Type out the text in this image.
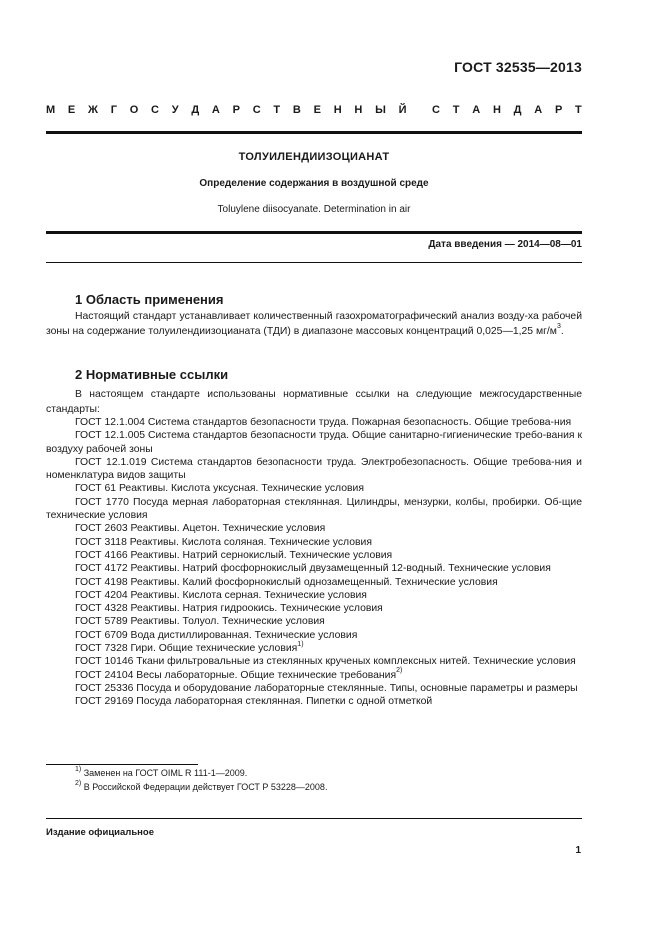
ГОСТ 32535—2013
М Е Ж Г О С У Д А Р С Т В Е Н Н Ы Й С Т А Н Д А Р Т
ТОЛУИЛЕНДИИЗОЦИАНАТ
Определение содержания в воздушной среде
Toluylene diisocyanate. Determination in air
Дата введения — 2014—08—01
1 Область применения
Настоящий стандарт устанавливает количественный газохроматографический анализ возду-ха рабочей зоны на содержание толуилендиизоцианата (ТДИ) в диапазоне массовых концентраций 0,025—1,25 $мг/м^3$.
2 Нормативные ссылки
В настоящем стандарте использованы нормативные ссылки на следующие межгосударственные стандарты:
ГОСТ 12.1.004 Система стандартов безопасности труда. Пожарная безопасность. Общие требова-ния
ГОСТ 12.1.005 Система стандартов безопасности труда. Общие санитарно-гигиенические требо-вания к воздуху рабочей зоны
ГОСТ 12.1.019 Система стандартов безопасности труда. Электробезопасность. Общие требова-ния и номенклатура видов защиты
ГОСТ 61 Реактивы. Кислота уксусная. Технические условия
ГОСТ 1770 Посуда мерная лабораторная стеклянная. Цилиндры, мензурки, колбы, пробирки. Об-щие технические условия
ГОСТ 2603 Реактивы. Ацетон. Технические условия
ГОСТ 3118 Реактивы. Кислота соляная. Технические условия
ГОСТ 4166 Реактивы. Натрий сернокислый. Технические условия
ГОСТ 4172 Реактивы. Натрий фосфорнокислый двузамещенный 12-водный. Технические условия
ГОСТ 4198 Реактивы. Калий фосфорнокислый однозамещенный. Технические условия
ГОСТ 4204 Реактивы. Кислота серная. Технические условия
ГОСТ 4328 Реактивы. Натрия гидроокись. Технические условия
ГОСТ 5789 Реактивы. Толуол. Технические условия
ГОСТ 6709 Вода дистиллированная. Технические условия
ГОСТ 7328 Гири. Общие технические условия$^{1)}$
ГОСТ 10146 Ткани фильтровальные из стеклянных крученых комплексных нитей. Технические условия
ГОСТ 24104 Весы лабораторные. Общие технические требования$^{2)}$
ГОСТ 25336 Посуда и оборудование лабораторные стеклянные. Типы, основные параметры и размеры
ГОСТ 29169 Посуда лабораторная стеклянная. Пипетки с одной отметкой
$^{1)}$ Заменен на ГОСТ OIML R 111-1—2009.
$^{2)}$ В Российской Федерации действует ГОСТ Р 53228—2008.
Издание официальное
1
